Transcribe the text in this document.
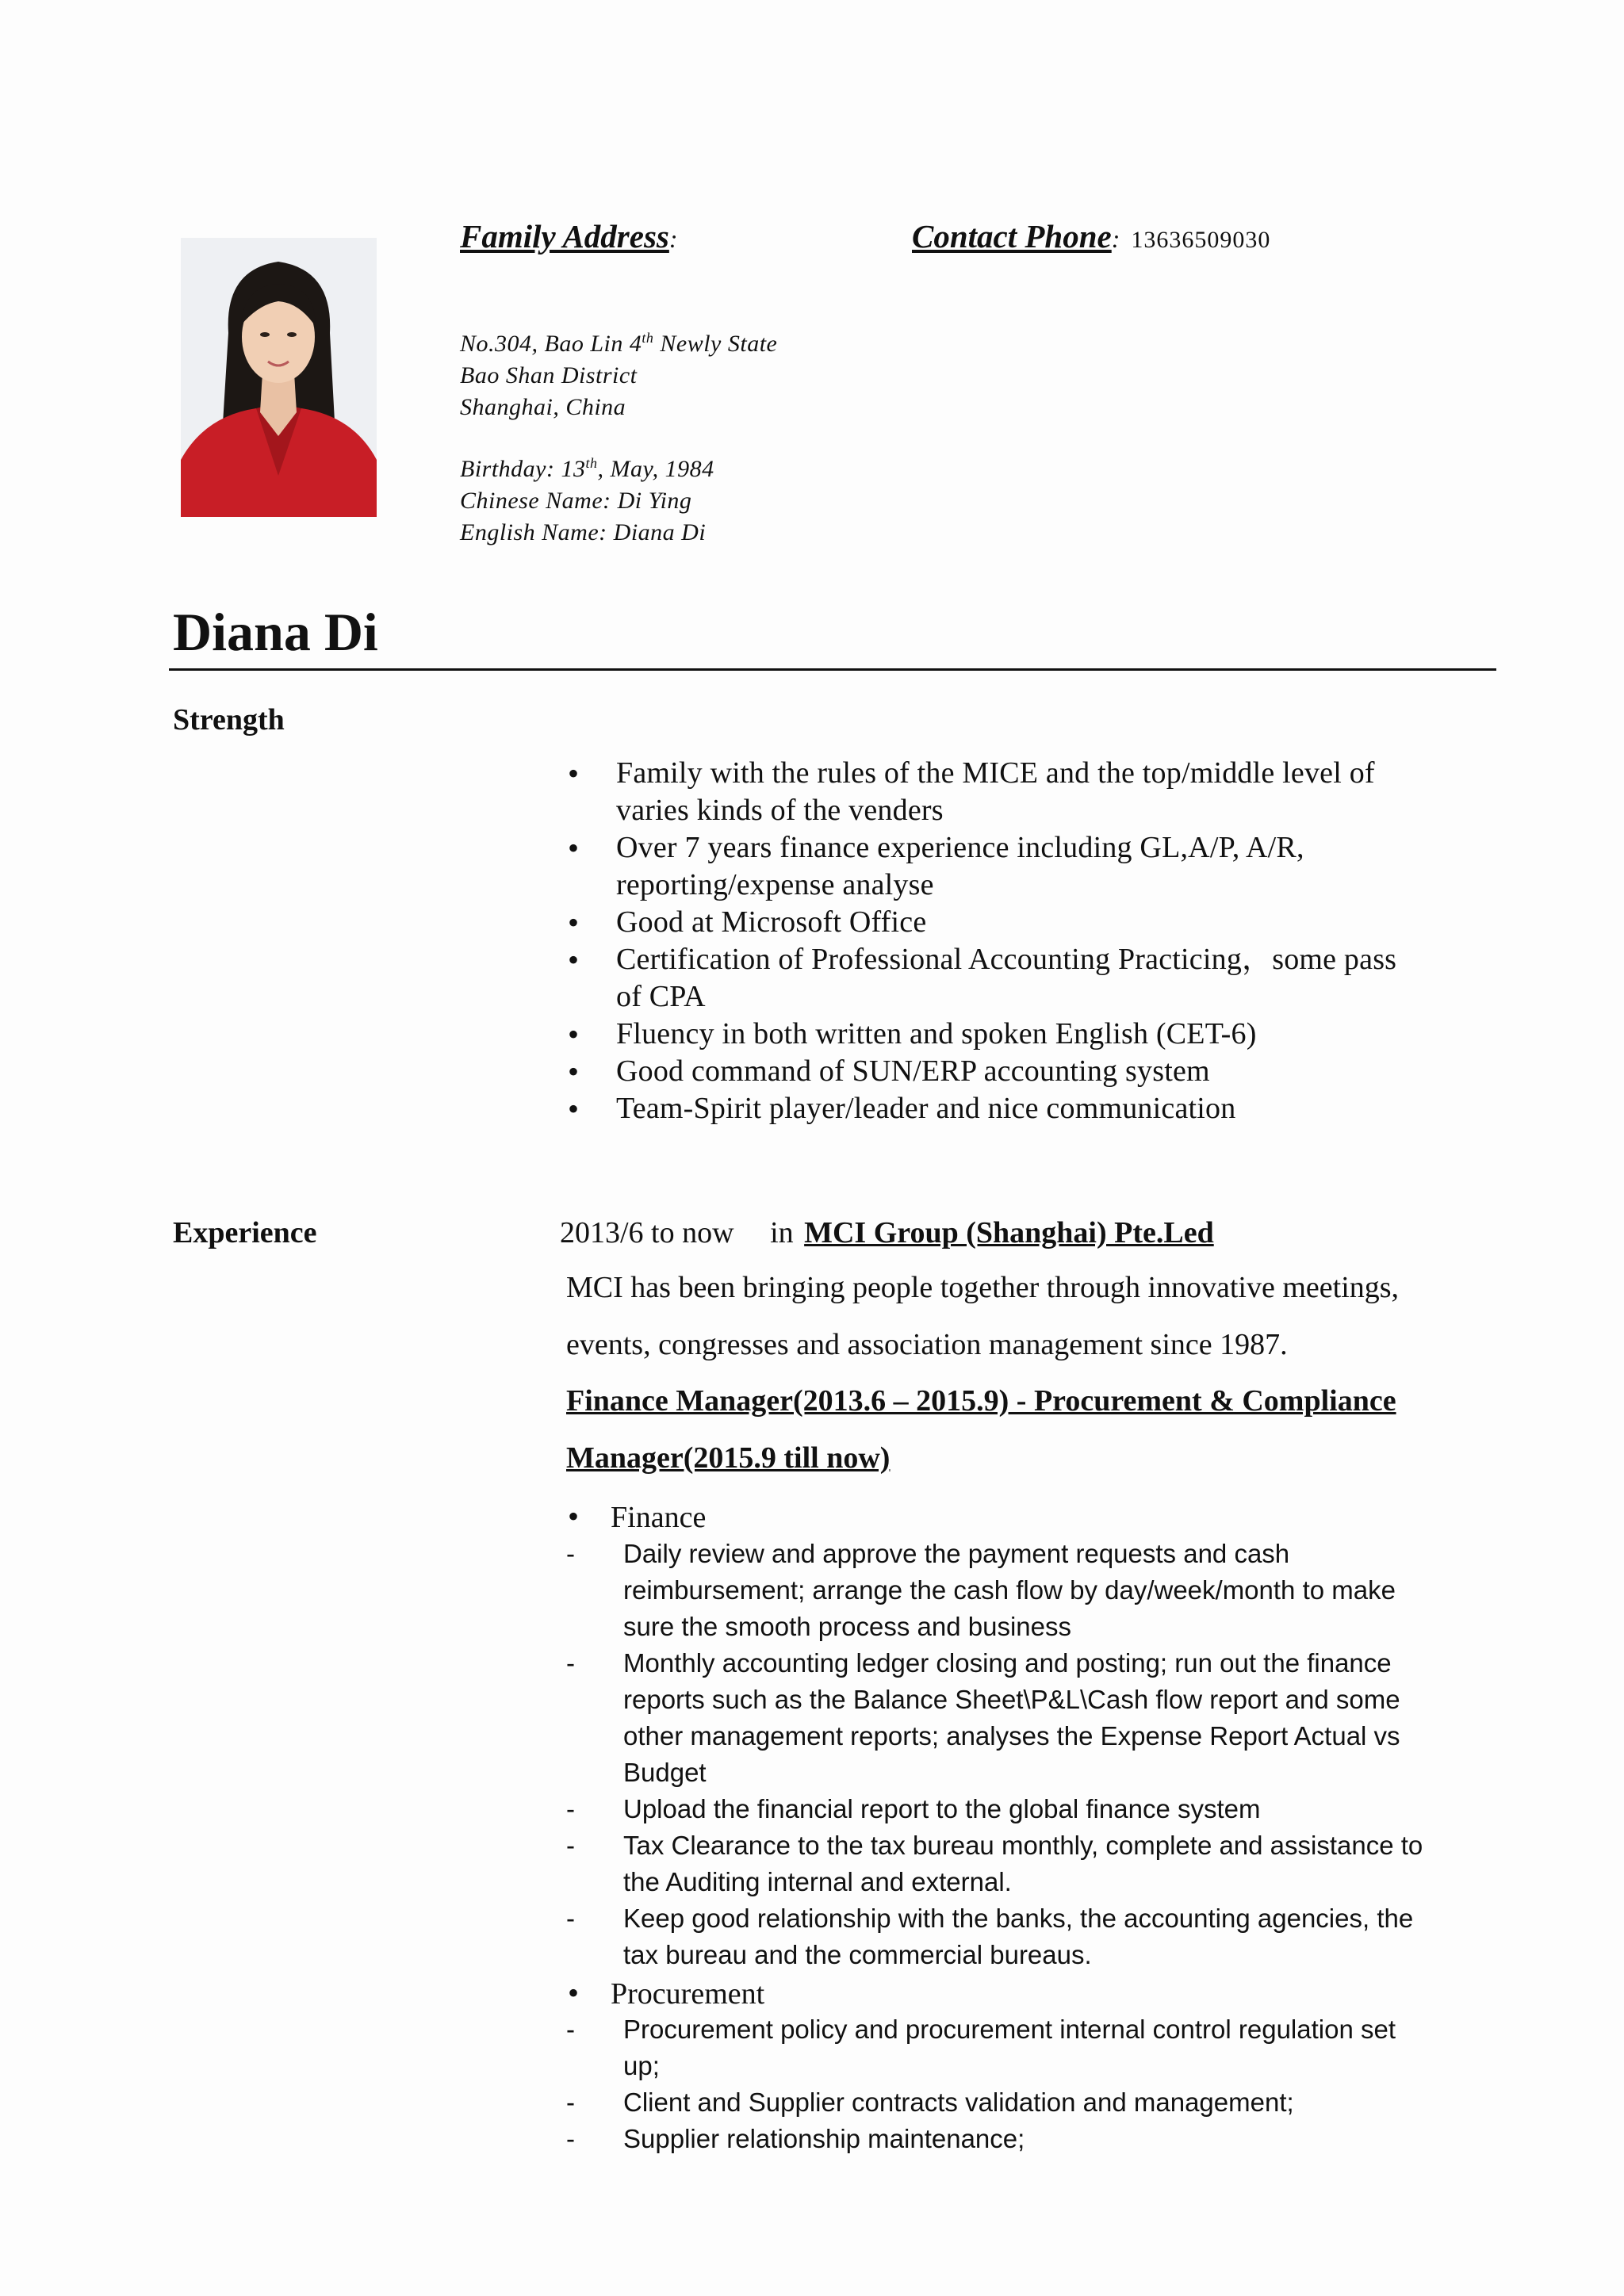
Family Address:	Contact Phone: 13636509030
No.304, Bao Lin 4th Newly State
Bao Shan District
Shanghai, China
Birthday: 13th, May, 1984
Chinese Name: Di Ying
English Name: Diana Di
Diana Di
Strength
• Family with the rules of the MICE and the top/middle level of
varies kinds of the venders
• Over 7 years finance experience including GL,A/P, A/R,
reporting/expense analyse
• Good at Microsoft Office
• Certification of Professional Accounting Practicing，some pass
of CPA
• Fluency in both written and spoken English (CET-6)
• Good command of SUN/ERP accounting system
• Team-Spirit player/leader and nice communication
Experience	2013/6 to now in MCI Group (Shanghai) Pte.Led
MCI has been bringing people together through innovative meetings,
events, congresses and association management since 1987.
Finance Manager(2013.6 – 2015.9) - Procurement & Compliance
Manager(2015.9 till now)
• Finance
- Daily review and approve the payment requests and cash
reimbursement; arrange the cash flow by day/week/month to make
sure the smooth process and business
- Monthly accounting ledger closing and posting; run out the finance
reports such as the Balance Sheet\P&L\Cash flow report and some
other management reports; analyses the Expense Report Actual vs
Budget
- Upload the financial report to the global finance system
- Tax Clearance to the tax bureau monthly, complete and assistance to
the Auditing internal and external.
- Keep good relationship with the banks, the accounting agencies, the
tax bureau and the commercial bureaus.
• Procurement
- Procurement policy and procurement internal control regulation set
up;
- Client and Supplier contracts validation and management;
- Supplier relationship maintenance;
